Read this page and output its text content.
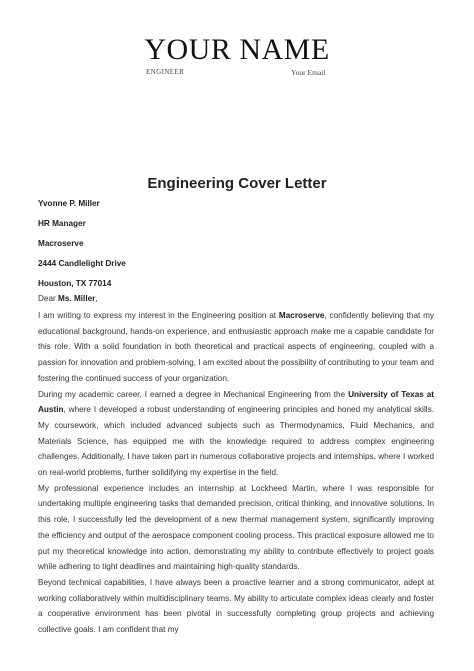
YOUR NAME
ENGINEER	Your Email
Engineering Cover Letter
Yvonne P. Miller
HR Manager
Macroserve
2444 Candlelight Drive
Houston, TX 77014
Dear Ms. Miller,

I am writing to express my interest in the Engineering position at Macroserve, confidently believing that my educational background, hands-on experience, and enthusiastic approach make me a capable candidate for this role. With a solid foundation in both theoretical and practical aspects of engineering, coupled with a passion for innovation and problem-solving, I am excited about the possibility of contributing to your team and fostering the continued success of your organization.

During my academic career, I earned a degree in Mechanical Engineering from the University of Texas at Austin, where I developed a robust understanding of engineering principles and honed my analytical skills. My coursework, which included advanced subjects such as Thermodynamics, Fluid Mechanics, and Materials Science, has equipped me with the knowledge required to address complex engineering challenges. Additionally, I have taken part in numerous collaborative projects and internships, where I worked on real-world problems, further solidifying my expertise in the field.

My professional experience includes an internship at Lockheed Martin, where I was responsible for undertaking multiple engineering tasks that demanded precision, critical thinking, and innovative solutions. In this role, I successfully led the development of a new thermal management system, significantly improving the efficiency and output of the aerospace component cooling process. This practical exposure allowed me to put my theoretical knowledge into action, demonstrating my ability to contribute effectively to project goals while adhering to tight deadlines and maintaining high-quality standards.

Beyond technical capabilities, I have always been a proactive learner and a strong communicator, adept at working collaboratively within multidisciplinary teams. My ability to articulate complex ideas clearly and foster a cooperative environment has been pivotal in successfully completing group projects and achieving collective goals. I am confident that my
